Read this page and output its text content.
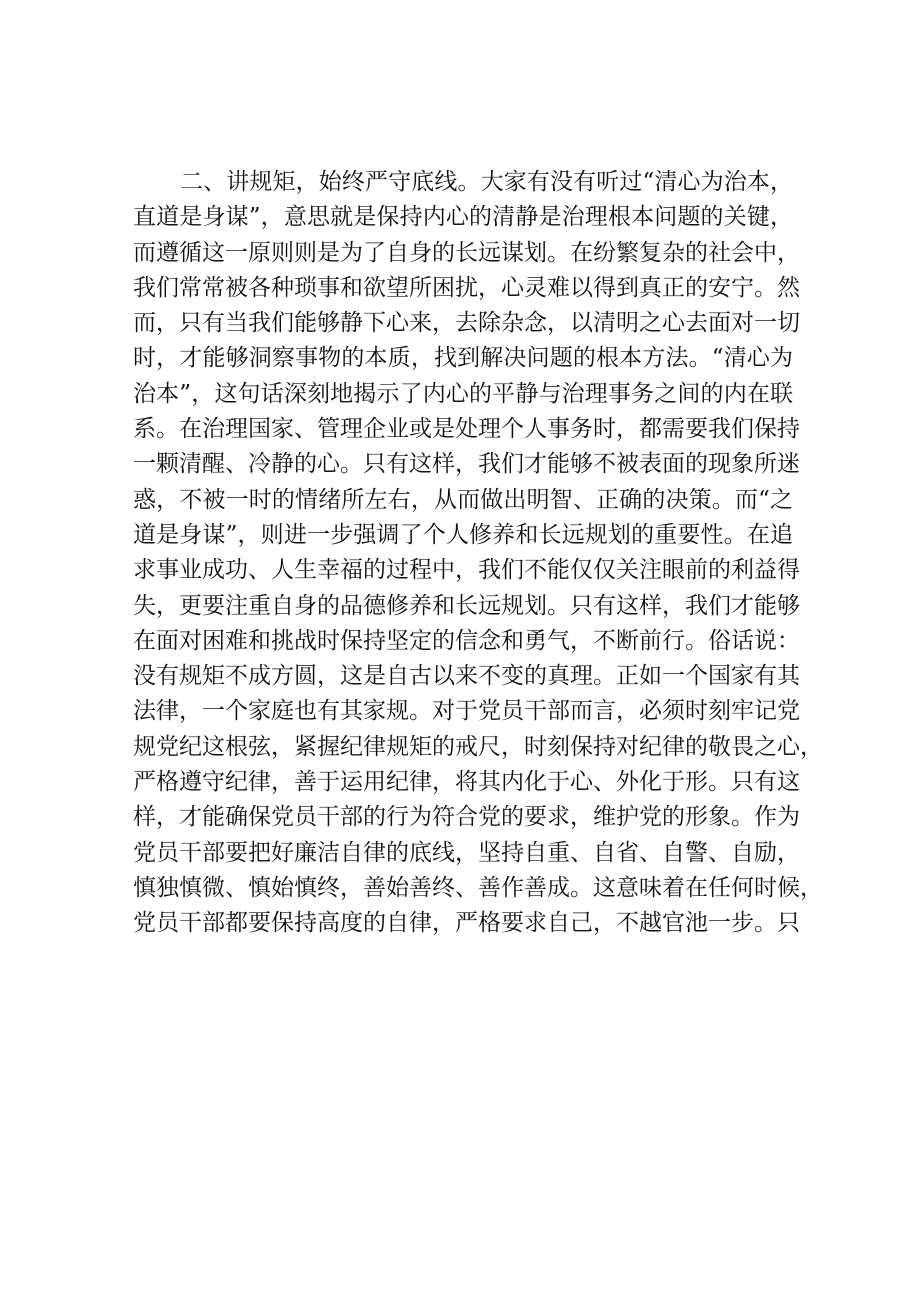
二、讲规矩，始终严守底线。大家有没有听过“清心为治本，
直道是身谋”，意思就是保持内心的清静是治理根本问题的关键，
而遵循这一原则则是为了自身的长远谋划。在纷繁复杂的社会中，
我们常常被各种琐事和欲望所困扰，心灵难以得到真正的安宁。然
而，只有当我们能够静下心来，去除杂念，以清明之心去面对一切
时，才能够洞察事物的本质，找到解决问题的根本方法。“清心为
治本”，这句话深刻地揭示了内心的平静与治理事务之间的内在联
系。在治理国家、管理企业或是处理个人事务时，都需要我们保持
一颗清醒、冷静的心。只有这样，我们才能够不被表面的现象所迷
惑，不被一时的情绪所左右，从而做出明智、正确的决策。而“之
道是身谋”，则进一步强调了个人修养和长远规划的重要性。在追
求事业成功、人生幸福的过程中，我们不能仅仅关注眼前的利益得
失，更要注重自身的品德修养和长远规划。只有这样，我们才能够
在面对困难和挑战时保持坚定的信念和勇气，不断前行。俗话说：
没有规矩不成方圆，这是自古以来不变的真理。正如一个国家有其
法律，一个家庭也有其家规。对于党员干部而言，必须时刻牢记党
规党纪这根弦，紧握纪律规矩的戒尺，时刻保持对纪律的敬畏之心，
严格遵守纪律，善于运用纪律，将其内化于心、外化于形。只有这
样，才能确保党员干部的行为符合党的要求，维护党的形象。作为
党员干部要把好廉洁自律的底线，坚持自重、自省、自警、自励，
慎独慎微、慎始慎终，善始善终、善作善成。这意味着在任何时候，
党员干部都要保持高度的自律，严格要求自己，不越官池一步。只
